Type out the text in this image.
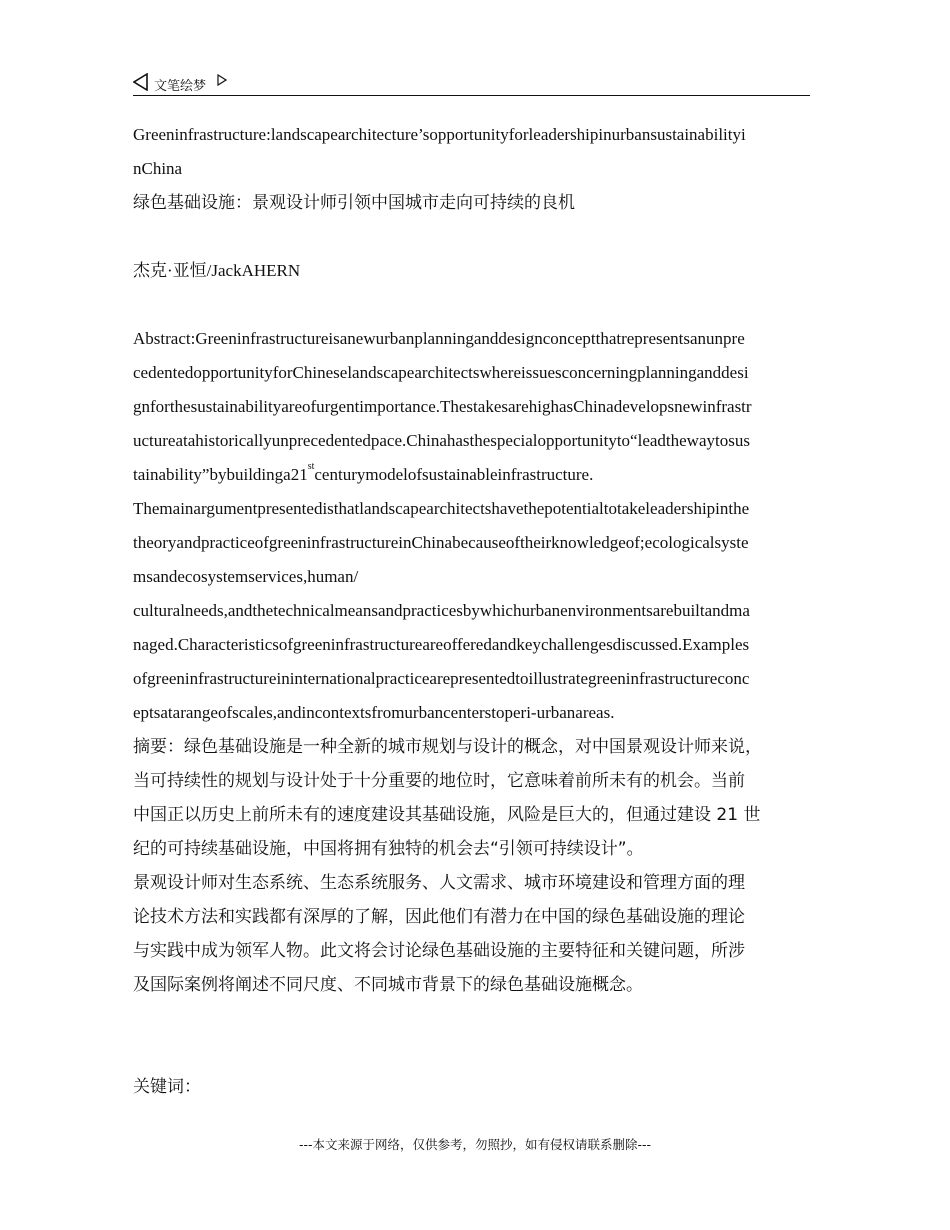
文笔绘梦
Greeninfrastructure:landscapearchitecture’sopportunityforleadershipinurbansustainabilityi
nChina
绿色基础设施：景观设计师引领中国城市走向可持续的良机
杰克·亚恒/JackAHERN
Abstract:Greeninfrastructureisanewurbanplanninganddesignconceptthatrepresentsanunpre
cedentedopportunityforChineselandscapearchitectswhereissuesconcerningplanninganddesi
gnforthesustainabilityareofurgentimportance.ThestakesarehighasChinadevelopsnewinfrastr
uctureatahistoricallyunprecedentedpace.Chinahasthespecialopportunityto“leadthewaytosus
tainability”bybuildinga21stcenturymodelofsustainableinfrastructure.
Themainargumentpresentedisthatlandscapearchitectshavethepotentialtotakeleadershipinthe
theoryandpracticeofgreeninfrastructureinChinabecauseoftheirknowledgeof;ecologicalsyste
msandecosystemservices,human/
culturalneeds,andthetechnicalmeansandpracticesbywhichurbanenvironmentsarebuiltandma
naged.Characteristicsofgreeninfrastructureareofferedandkeychallengesdiscussed.Examples
ofgreeninfrastructureininternationalpracticearepresentedtoillustrategreeninfrastructureconc
eptsatarangeofscales,andincontextsfromurbancenterstoperi-urbanareas.
摘要：绿色基础设施是一种全新的城市规划与设计的概念，对中国景观设计师来说，
当可持续性的规划与设计处于十分重要的地位时，它意味着前所未有的机会。当前
中国正以历史上前所未有的速度建设其基础设施，风险是巨大的，但通过建设 21 世
纪的可持续基础设施，中国将拥有独特的机会去“引领可持续设计”。
景观设计师对生态系统、生态系统服务、人文需求、城市环境建设和管理方面的理
论技术方法和实践都有深厚的了解，因此他们有潜力在中国的绿色基础设施的理论
与实践中成为领军人物。此文将会讨论绿色基础设施的主要特征和关键问题，所涉
及国际案例将阐述不同尺度、不同城市背景下的绿色基础设施概念。
关键词：
---本文来源于网络，仅供参考，勿照抄，如有侵权请联系删除---
